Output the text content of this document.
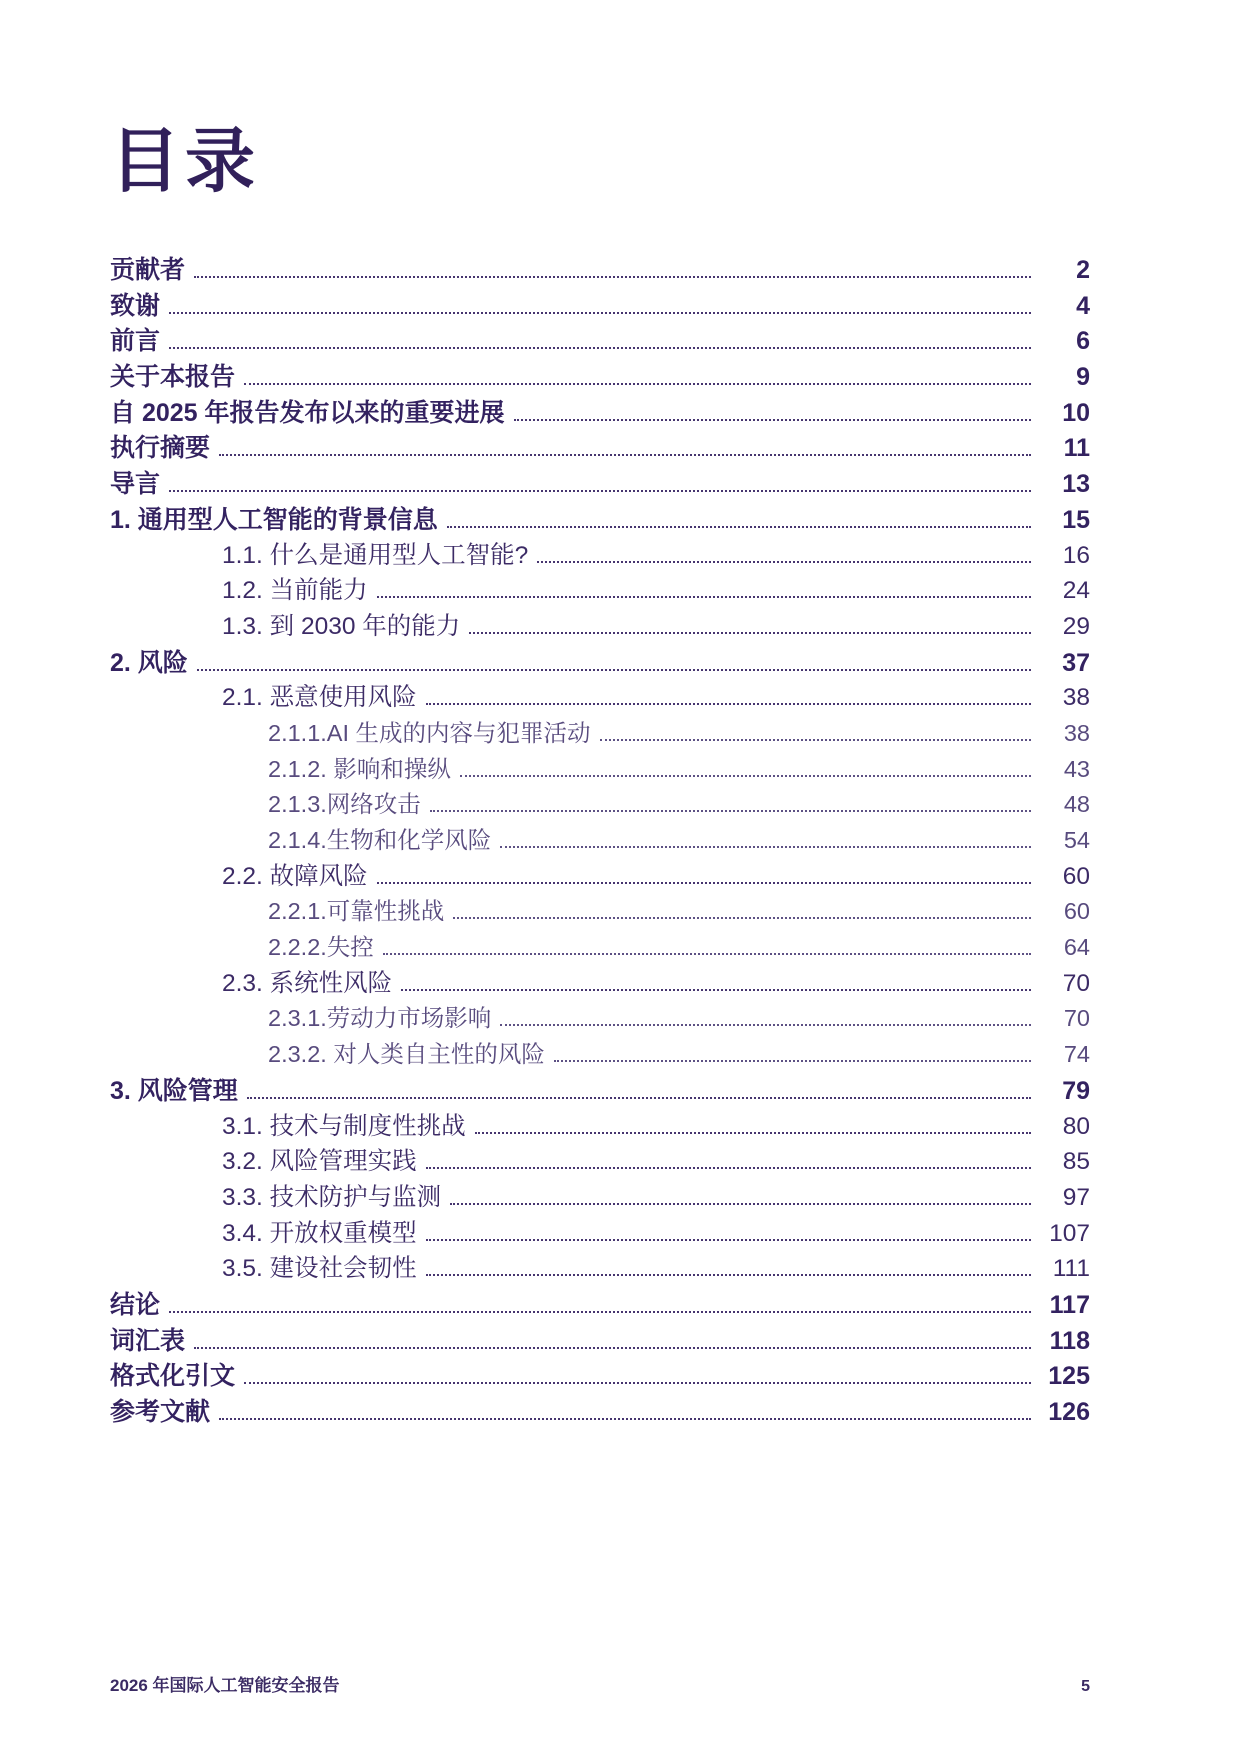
目录
贡献者	2
致谢	4
前言	6
关于本报告	9
自 2025 年报告发布以来的重要进展	10
执行摘要	11
导言	13
1. 通用型人工智能的背景信息	15
1.1. 什么是通用型人工智能?	16
1.2. 当前能力	24
1.3. 到 2030 年的能力	29
2. 风险	37
2.1. 恶意使用风险	38
2.1.1.AI 生成的内容与犯罪活动	38
2.1.2. 影响和操纵	43
2.1.3.网络攻击	48
2.1.4.生物和化学风险	54
2.2. 故障风险	60
2.2.1.可靠性挑战	60
2.2.2.失控	64
2.3. 系统性风险	70
2.3.1.劳动力市场影响	70
2.3.2. 对人类自主性的风险	74
3. 风险管理	79
3.1. 技术与制度性挑战	80
3.2. 风险管理实践	85
3.3. 技术防护与监测	97
3.4. 开放权重模型	107
3.5. 建设社会韧性	111
结论	117
词汇表	118
格式化引文	125
参考文献	126
2026 年国际人工智能安全报告	5
